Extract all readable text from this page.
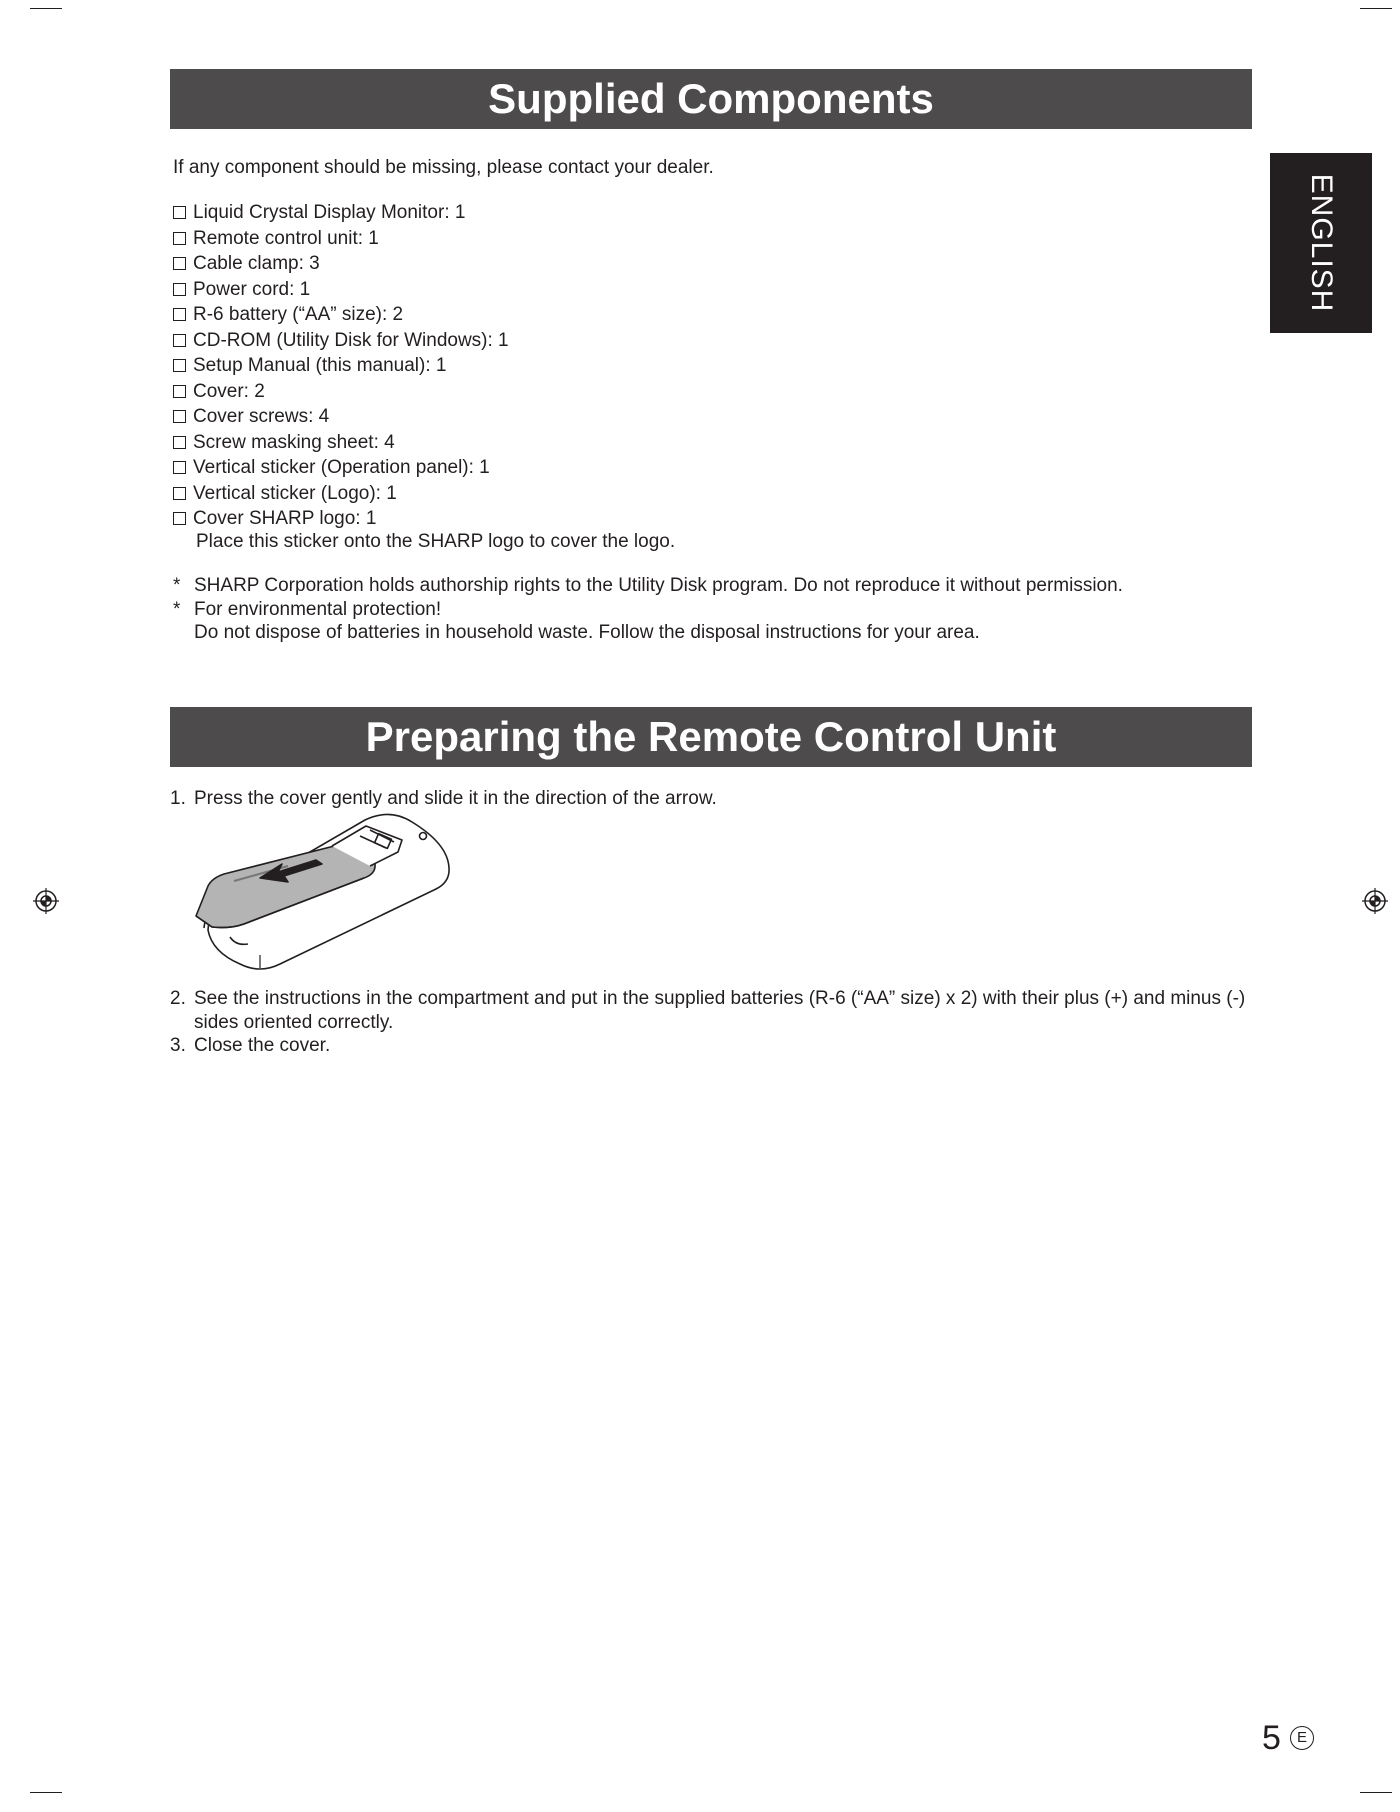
Supplied Components
ENGLISH
If any component should be missing, please contact your dealer.
Liquid Crystal Display Monitor: 1
Remote control unit: 1
Cable clamp: 3
Power cord: 1
R-6 battery (“AA” size): 2
CD-ROM (Utility Disk for Windows): 1
Setup Manual (this manual): 1
Cover: 2
Cover screws: 4
Screw masking sheet: 4
Vertical sticker (Operation panel): 1
Vertical sticker (Logo): 1
Cover SHARP logo: 1
Place this sticker onto the SHARP logo to cover the logo.
* SHARP Corporation holds authorship rights to the Utility Disk program. Do not reproduce it without permission.
* For environmental protection!
Do not dispose of batteries in household waste. Follow the disposal instructions for your area.
Preparing the Remote Control Unit
1. Press the cover gently and slide it in the direction of the arrow.
2. See the instructions in the compartment and put in the supplied batteries (R-6 (“AA” size) x 2) with their plus (+) and minus (-) sides oriented correctly.
3. Close the cover.
5	E
